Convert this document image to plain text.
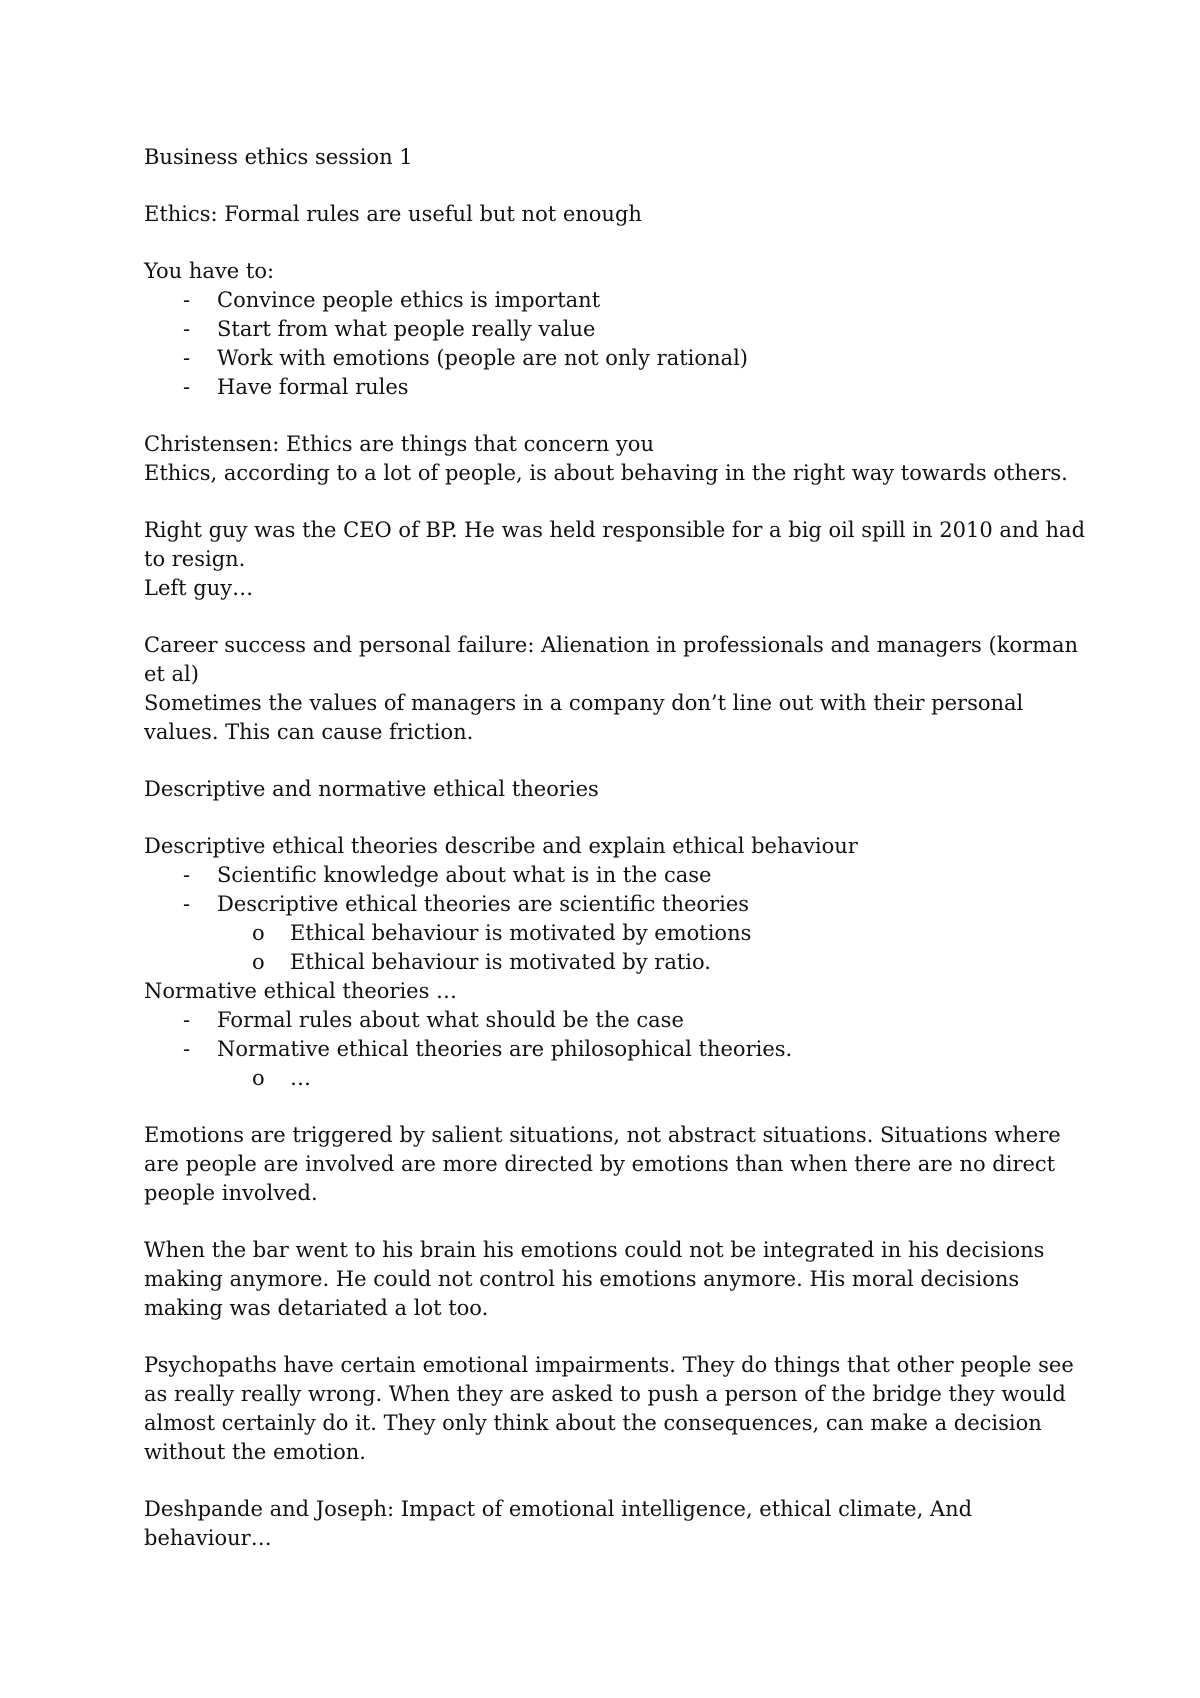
Business ethics session 1

Ethics: Formal rules are useful but not enough

You have to:
-	Convince people ethics is important
-	Start from what people really value
-	Work with emotions (people are not only rational)
-	Have formal rules

Christensen: Ethics are things that concern you
Ethics, according to a lot of people, is about behaving in the right way towards others.

Right guy was the CEO of BP. He was held responsible for a big oil spill in 2010 and had
to resign.
Left guy…

Career success and personal failure: Alienation in professionals and managers (korman
et al)
Sometimes the values of managers in a company don’t line out with their personal
values. This can cause friction.

Descriptive and normative ethical theories

Descriptive ethical theories describe and explain ethical behaviour
-	Scientific knowledge about what is in the case
-	Descriptive ethical theories are scientific theories
o	Ethical behaviour is motivated by emotions
o	Ethical behaviour is motivated by ratio.
Normative ethical theories …
-	Formal rules about what should be the case
-	Normative ethical theories are philosophical theories.
o	…

Emotions are triggered by salient situations, not abstract situations. Situations where
are people are involved are more directed by emotions than when there are no direct
people involved.

When the bar went to his brain his emotions could not be integrated in his decisions
making anymore. He could not control his emotions anymore. His moral decisions
making was detariated a lot too.

Psychopaths have certain emotional impairments. They do things that other people see
as really really wrong. When they are asked to push a person of the bridge they would
almost certainly do it. They only think about the consequences, can make a decision
without the emotion.

Deshpande and Joseph: Impact of emotional intelligence, ethical climate, And
behaviour…
